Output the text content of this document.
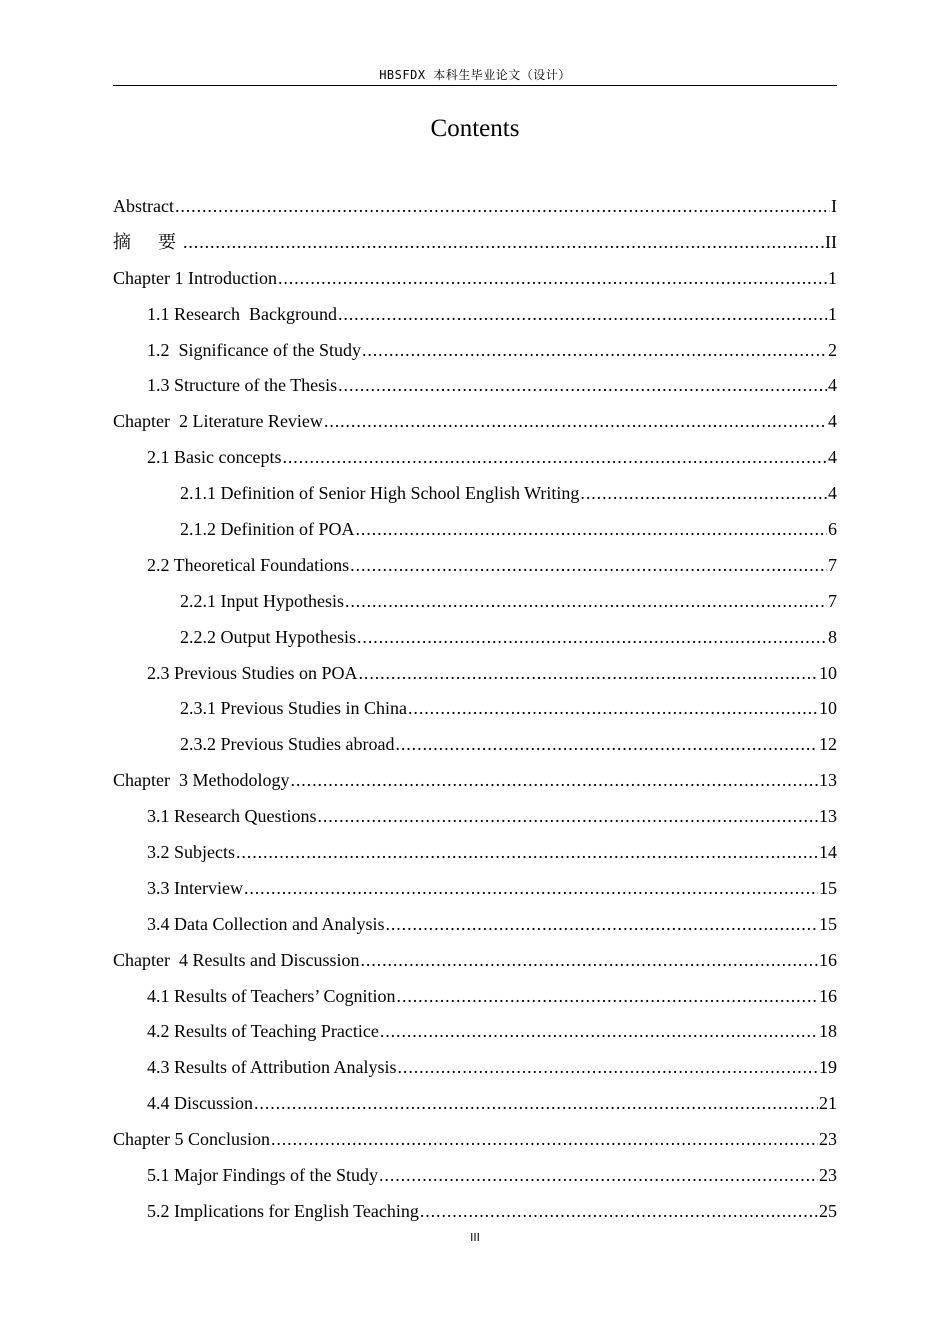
HBSFDX 本科生毕业论文（设计）
Contents
Abstract .....	I
摘  要 .....	II
Chapter 1 Introduction .....	1
1.1 Research  Background .....	1
1.2  Significance of the Study .....	2
1.3 Structure of the Thesis .....	4
Chapter  2 Literature Review .....	4
2.1 Basic concepts .....	4
2.1.1 Definition of Senior High School English Writing .....	4
2.1.2 Definition of POA .....	6
2.2 Theoretical Foundations .....	7
2.2.1 Input Hypothesis .....	7
2.2.2 Output Hypothesis .....	8
2.3 Previous Studies on POA .....	10
2.3.1 Previous Studies in China .....	10
2.3.2 Previous Studies abroad .....	12
Chapter  3 Methodology .....	13
3.1 Research Questions .....	13
3.2 Subjects .....	14
3.3 Interview .....	15
3.4 Data Collection and Analysis .....	15
Chapter  4 Results and Discussion .....	16
4.1 Results of Teachers’ Cognition .....	16
4.2 Results of Teaching Practice .....	18
4.3 Results of Attribution Analysis .....	19
4.4 Discussion .....	21
Chapter 5 Conclusion .....	23
5.1 Major Findings of the Study .....	23
5.2 Implications for English Teaching .....	25
III
